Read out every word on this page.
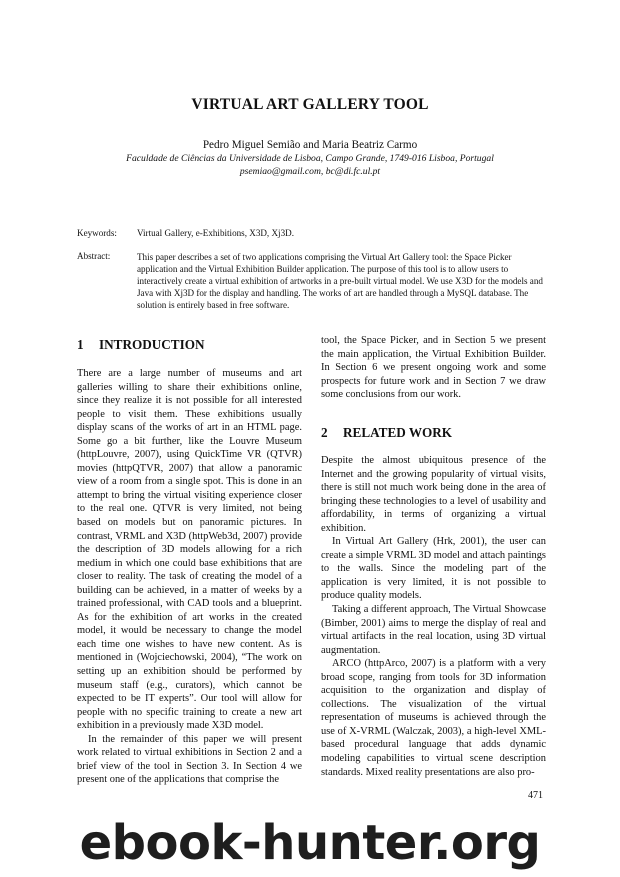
VIRTUAL ART GALLERY TOOL
Pedro Miguel Semião and Maria Beatriz Carmo
Faculdade de Ciências da Universidade de Lisboa, Campo Grande, 1749-016 Lisboa, Portugal
psemiao@gmail.com, bc@di.fc.ul.pt
Keywords: Virtual Gallery, e-Exhibitions, X3D, Xj3D.
Abstract:	This paper describes a set of two applications comprising the Virtual Art Gallery tool: the Space Picker application and the Virtual Exhibition Builder application. The purpose of this tool is to allow users to interactively create a virtual exhibition of artworks in a pre-built virtual model. We use X3D for the models and Java with Xj3D for the display and handling. The works of art are handled through a MySQL database. The solution is entirely based in free software.
1 INTRODUCTION

There are a large number of museums and art galleries willing to share their exhibitions online, since they realize it is not possible for all interested people to visit them. These exhibitions usually display scans of the works of art in an HTML page. Some go a bit further, like the Louvre Museum (httpLouvre, 2007), using QuickTime VR (QTVR) movies (httpQTVR, 2007) that allow a panoramic view of a room from a single spot. This is done in an attempt to bring the virtual visiting experience closer to the real one. QTVR is very limited, not being based on models but on panoramic pictures. In contrast, VRML and X3D (httpWeb3d, 2007) provide the description of 3D models allowing for a rich medium in which one could base exhibitions that are closer to reality. The task of creating the model of a building can be achieved, in a matter of weeks by a trained professional, with CAD tools and a blueprint. As for the exhibition of art works in the created model, it would be necessary to change the model each time one wishes to have new content. As is mentioned in (Wojciechowski, 2004), “The work on setting up an exhibition should be performed by museum staff (e.g., curators), which cannot be expected to be IT experts”. Our tool will allow for people with no specific training to create a new art exhibition in a previously made X3D model.

In the remainder of this paper we will present work related to virtual exhibitions in Section 2 and a brief view of the tool in Section 3. In Section 4 we present one of the applications that comprise the

tool, the Space Picker, and in Section 5 we present the main application, the Virtual Exhibition Builder. In Section 6 we present ongoing work and some prospects for future work and in Section 7 we draw some conclusions from our work.

2 RELATED WORK

Despite the almost ubiquitous presence of the Internet and the growing popularity of virtual visits, there is still not much work being done in the area of bringing these technologies to a level of usability and affordability, in terms of organizing a virtual exhibition.

In Virtual Art Gallery (Hrk, 2001), the user can create a simple VRML 3D model and attach paintings to the walls. Since the modeling part of the application is very limited, it is not possible to produce quality models.

Taking a different approach, The Virtual Showcase (Bimber, 2001) aims to merge the display of real and virtual artifacts in the real location, using 3D virtual augmentation.

ARCO (httpArco, 2007) is a platform with a very broad scope, ranging from tools for 3D information acquisition to the organization and display of collections. The visualization of the virtual representation of museums is achieved through the use of X-VRML (Walczak, 2003), a high-level XML-based procedural language that adds dynamic modeling capabilities to virtual scene description standards. Mixed reality presentations are also pro-

471
ebook-hunter.org
